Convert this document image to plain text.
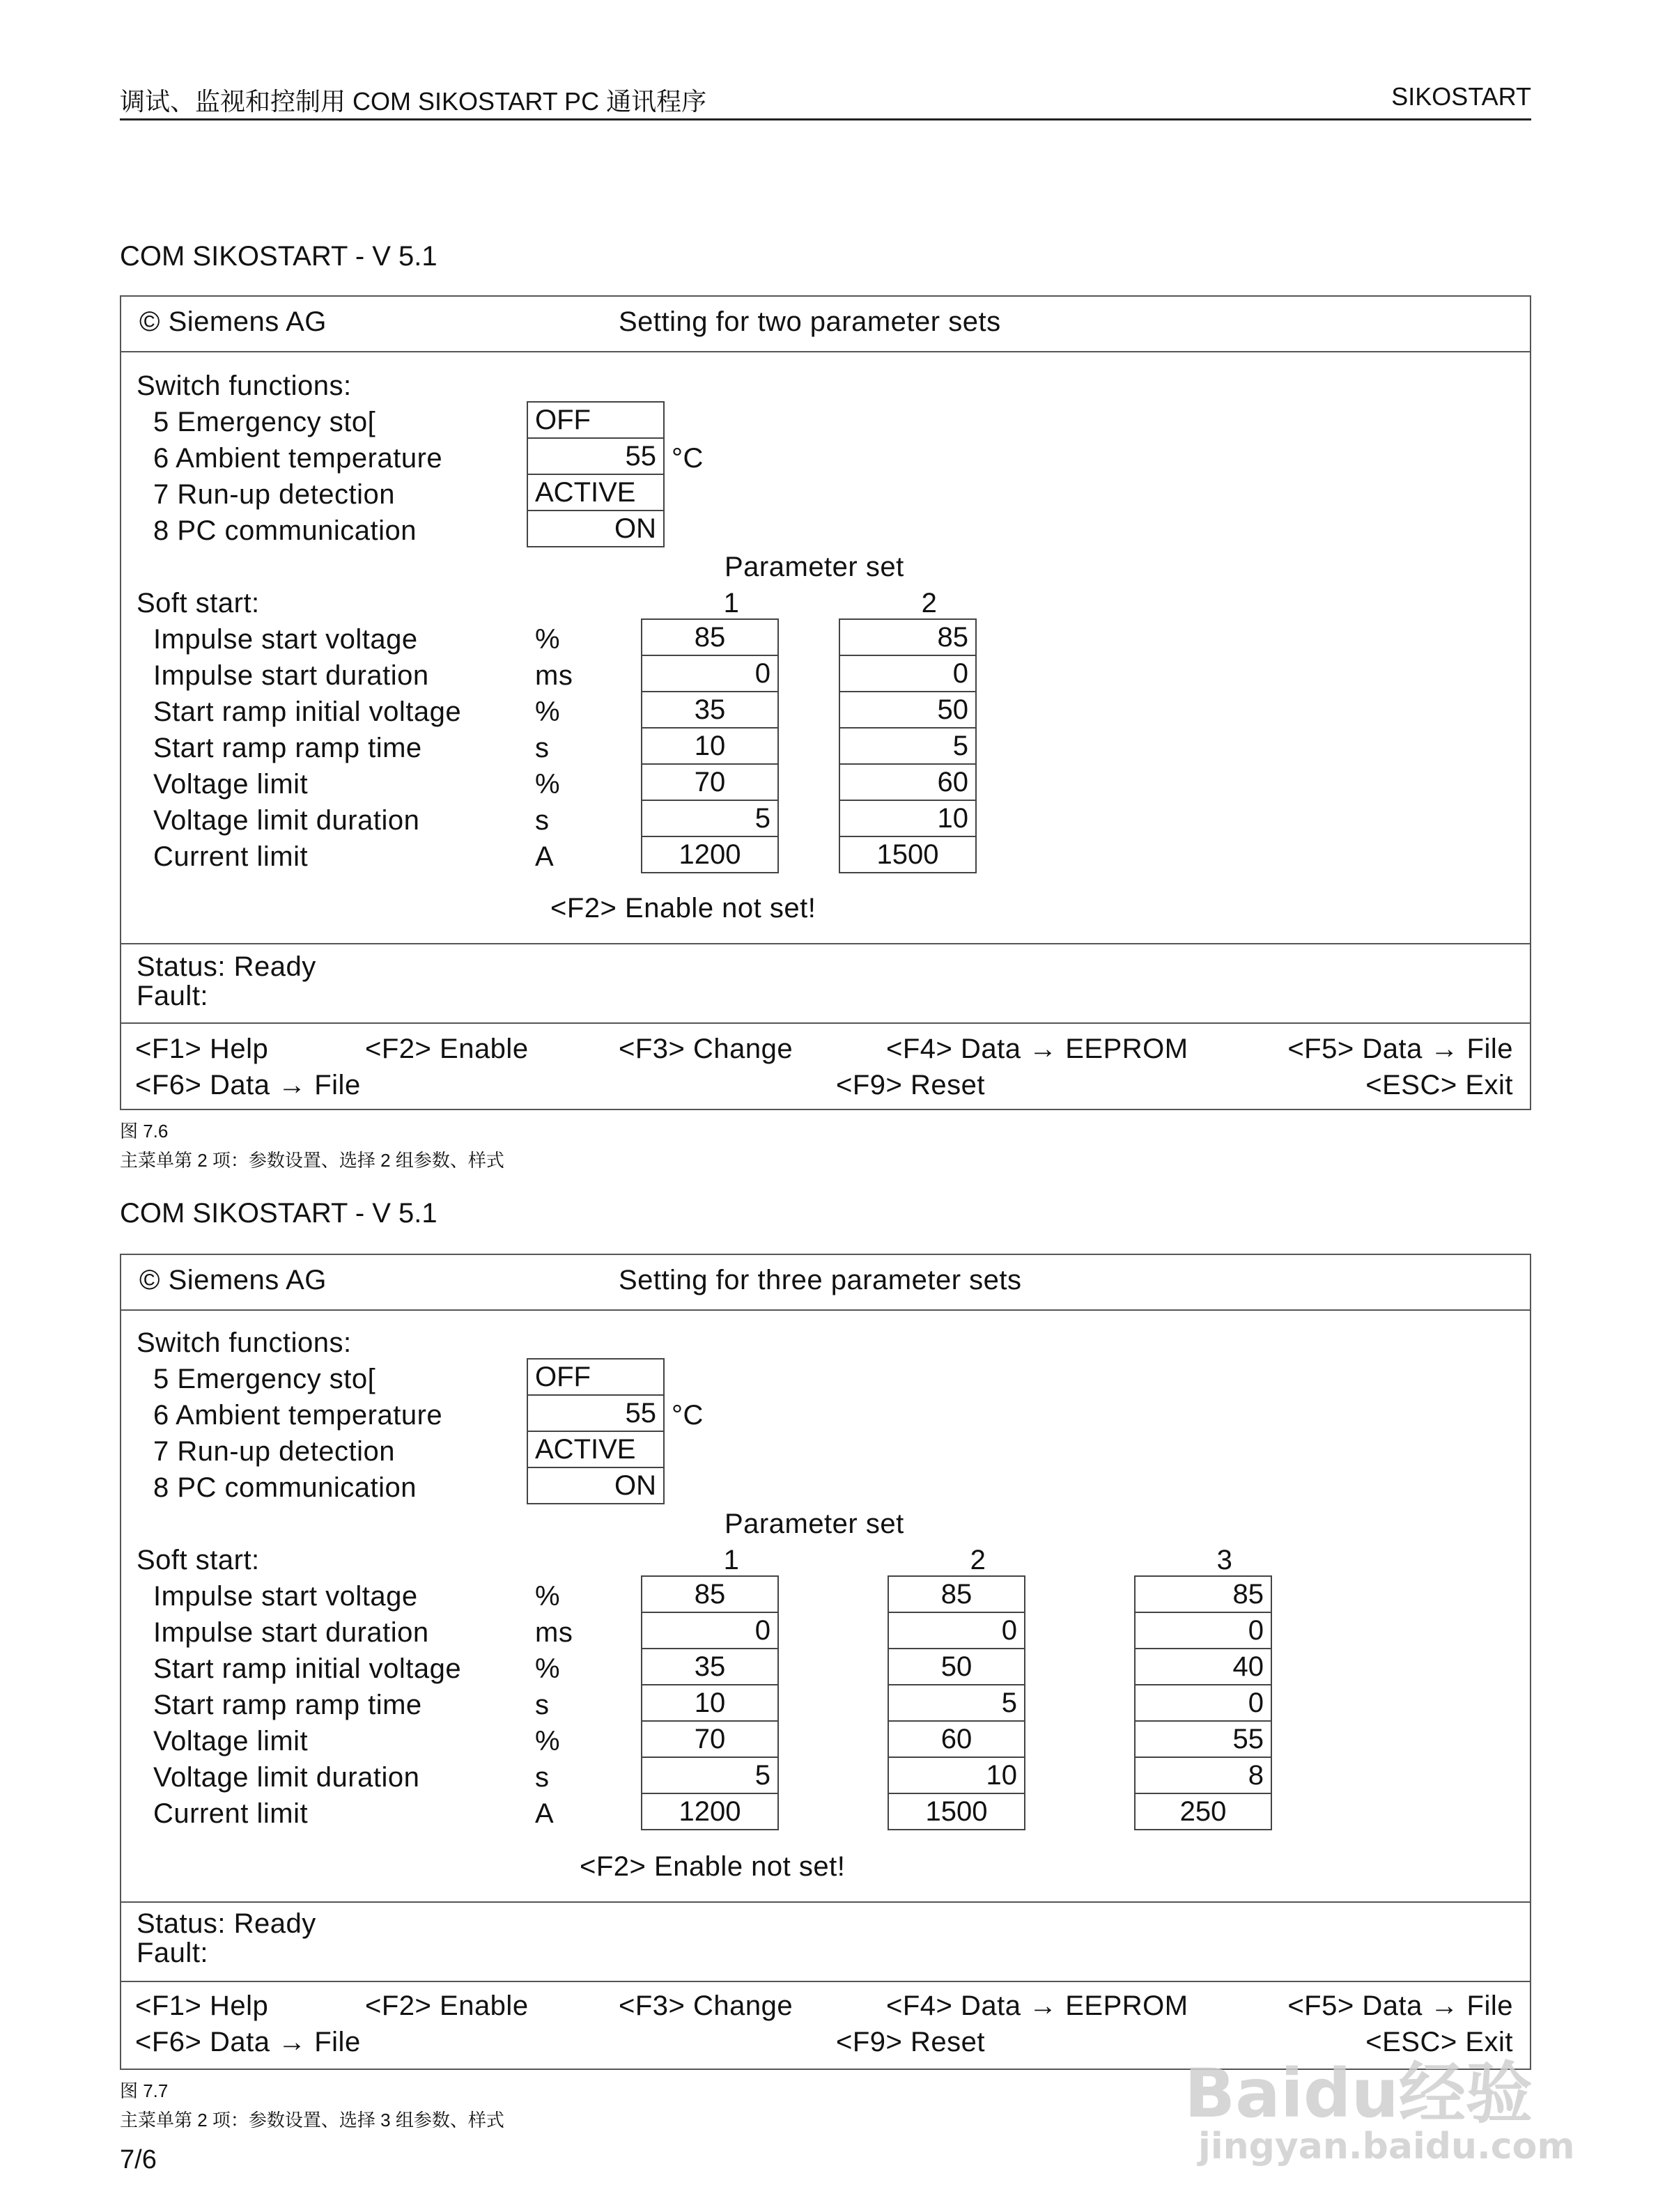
调试、监视和控制用 COM SIKOSTART PC 通讯程序	SIKOSTART
COM SIKOSTART - V 5.1
© Siemens AG	Setting for two parameter sets
Switch functions:
5 Emergency sto[	OFF
6 Ambient temperature	55 °C
7 Run-up detection	ACTIVE
8 PC communication	ON
Parameter set
Soft start:	1	2
Impulse start voltage	%	85	85
Impulse start duration	ms	0	0
Start ramp initial voltage	%	35	50
Start ramp ramp time	s	10	5
Voltage limit	%	70	60
Voltage limit duration	s	5	10
Current limit	A	1200	1500
<F2> Enable not set!
Status: Ready
Fault:
<F1> Help	<F2> Enable	<F3> Change	<F4> Data → EEPROM	<F5> Data → File
<F6> Data → File	<F9> Reset	<ESC> Exit
图 7.6
主菜单第 2 项：参数设置、选择 2 组参数、样式
COM SIKOSTART - V 5.1
© Siemens AG	Setting for three parameter sets
Switch functions:
5 Emergency sto[	OFF
6 Ambient temperature	55 °C
7 Run-up detection	ACTIVE
8 PC communication	ON
Parameter set
Soft start:	1	2	3
Impulse start voltage	%	85	85	85
Impulse start duration	ms	0	0	0
Start ramp initial voltage	%	35	50	40
Start ramp ramp time	s	10	5	0
Voltage limit	%	70	60	55
Voltage limit duration	s	5	10	8
Current limit	A	1200	1500	250
<F2> Enable not set!
Status: Ready
Fault:
<F1> Help	<F2> Enable	<F3> Change	<F4> Data → EEPROM	<F5> Data → File
<F6> Data → File	<F9> Reset	<ESC> Exit
图 7.7
主菜单第 2 项：参数设置、选择 3 组参数、样式
7/6
Baidu经验
jingyan.baidu.com
